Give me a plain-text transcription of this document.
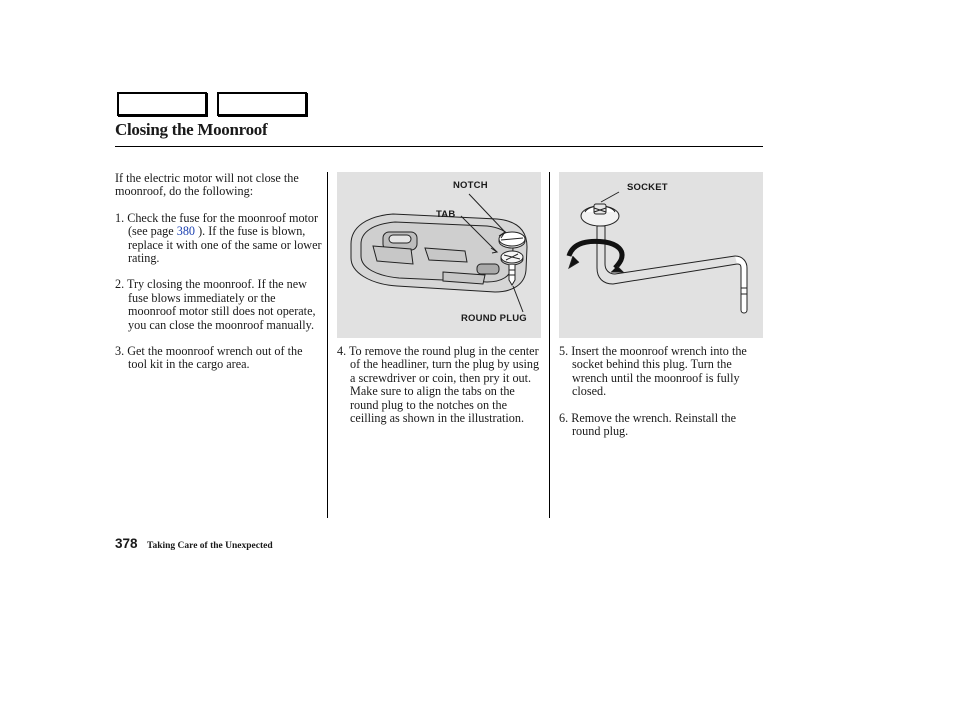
Closing the Moonroof

If the electric motor will not close the moonroof, do the following:

1. Check the fuse for the moonroof motor (see page 380 ). If the fuse is blown, replace it with one of the same or lower rating.

2. Try closing the moonroof. If the new fuse blows immediately or the moonroof motor still does not operate, you can close the moonroof manually.

3. Get the moonroof wrench out of the tool kit in the cargo area.

NOTCH
TAB
ROUND PLUG
SOCKET

4. To remove the round plug in the center of the headliner, turn the plug by using a screwdriver or coin, then pry it out. Make sure to align the tabs on the round plug to the notches on the ceilling as shown in the illustration.

5. Insert the moonroof wrench into the socket behind this plug. Turn the wrench until the moonroof is fully closed.

6. Remove the wrench. Reinstall the round plug.

378 Taking Care of the Unexpected
